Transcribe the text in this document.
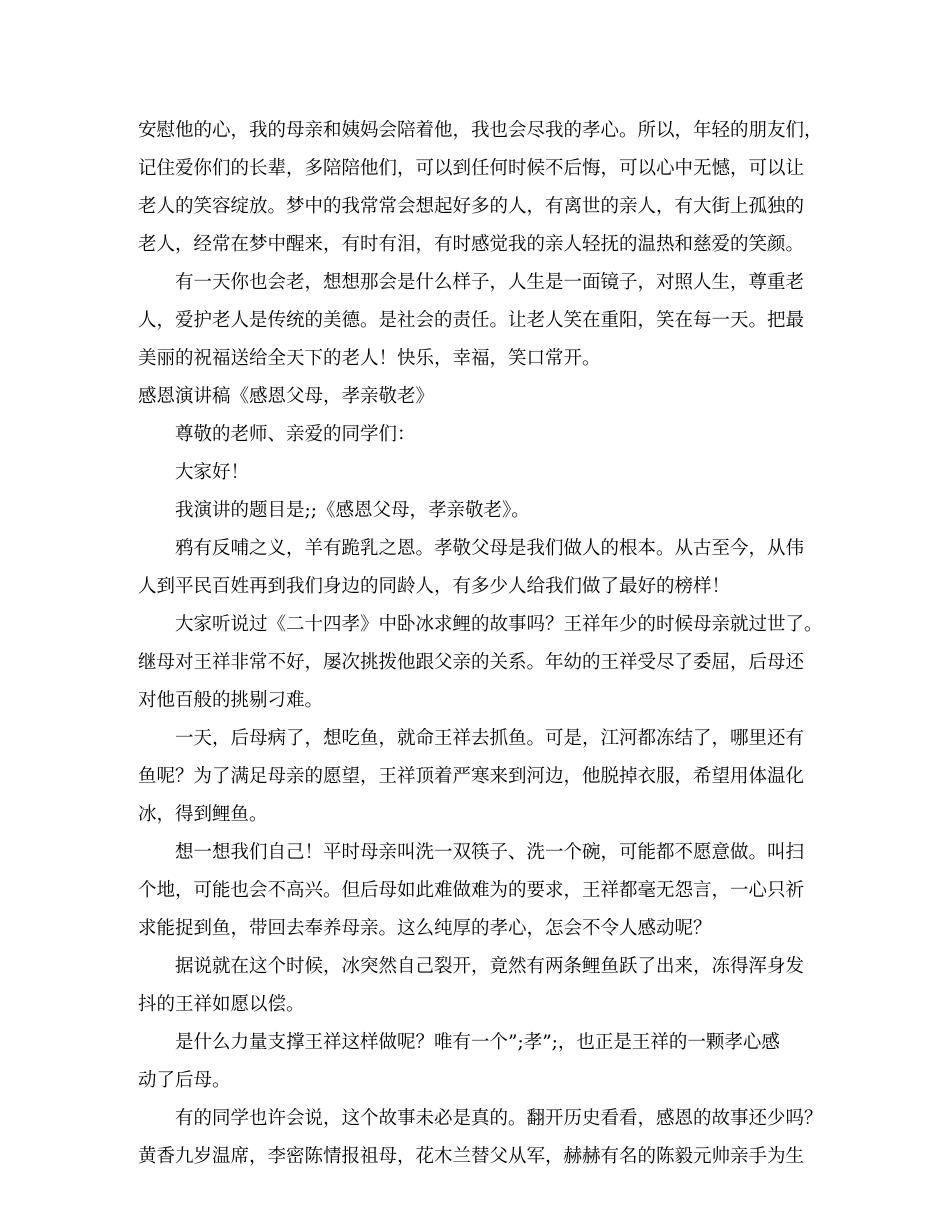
安慰他的心，我的母亲和姨妈会陪着他，我也会尽我的孝心。所以，年轻的朋友们，
记住爱你们的长辈，多陪陪他们，可以到任何时候不后悔，可以心中无憾，可以让
老人的笑容绽放。梦中的我常常会想起好多的人，有离世的亲人，有大街上孤独的
老人，经常在梦中醒来，有时有泪，有时感觉我的亲人轻抚的温热和慈爱的笑颜。
有一天你也会老，想想那会是什么样子，人生是一面镜子，对照人生，尊重老
人，爱护老人是传统的美德。是社会的责任。让老人笑在重阳，笑在每一天。把最
美丽的祝福送给全天下的老人！快乐，幸福，笑口常开。
感恩演讲稿《感恩父母，孝亲敬老》
尊敬的老师、亲爱的同学们：
大家好！
我演讲的题目是;;《感恩父母，孝亲敬老》。
鸦有反哺之义，羊有跪乳之恩。孝敬父母是我们做人的根本。从古至今，从伟
人到平民百姓再到我们身边的同龄人，有多少人给我们做了最好的榜样！
大家听说过《二十四孝》中卧冰求鲤的故事吗？王祥年少的时候母亲就过世了。
继母对王祥非常不好，屡次挑拨他跟父亲的关系。年幼的王祥受尽了委屈，后母还
对他百般的挑剔刁难。
一天，后母病了，想吃鱼，就命王祥去抓鱼。可是，江河都冻结了，哪里还有
鱼呢？为了满足母亲的愿望，王祥顶着严寒来到河边，他脱掉衣服，希望用体温化
冰，得到鲤鱼。
想一想我们自己！平时母亲叫洗一双筷子、洗一个碗，可能都不愿意做。叫扫
个地，可能也会不高兴。但后母如此难做难为的要求，王祥都毫无怨言，一心只祈
求能捉到鱼，带回去奉养母亲。这么纯厚的孝心，怎会不令人感动呢？
据说就在这个时候，冰突然自己裂开，竟然有两条鲤鱼跃了出来，冻得浑身发
抖的王祥如愿以偿。
是什么力量支撑王祥这样做呢？唯有一个”;孝”;，也正是王祥的一颗孝心感
动了后母。
有的同学也许会说，这个故事未必是真的。翻开历史看看，感恩的故事还少吗？
黄香九岁温席，李密陈情报祖母，花木兰替父从军，赫赫有名的陈毅元帅亲手为生
